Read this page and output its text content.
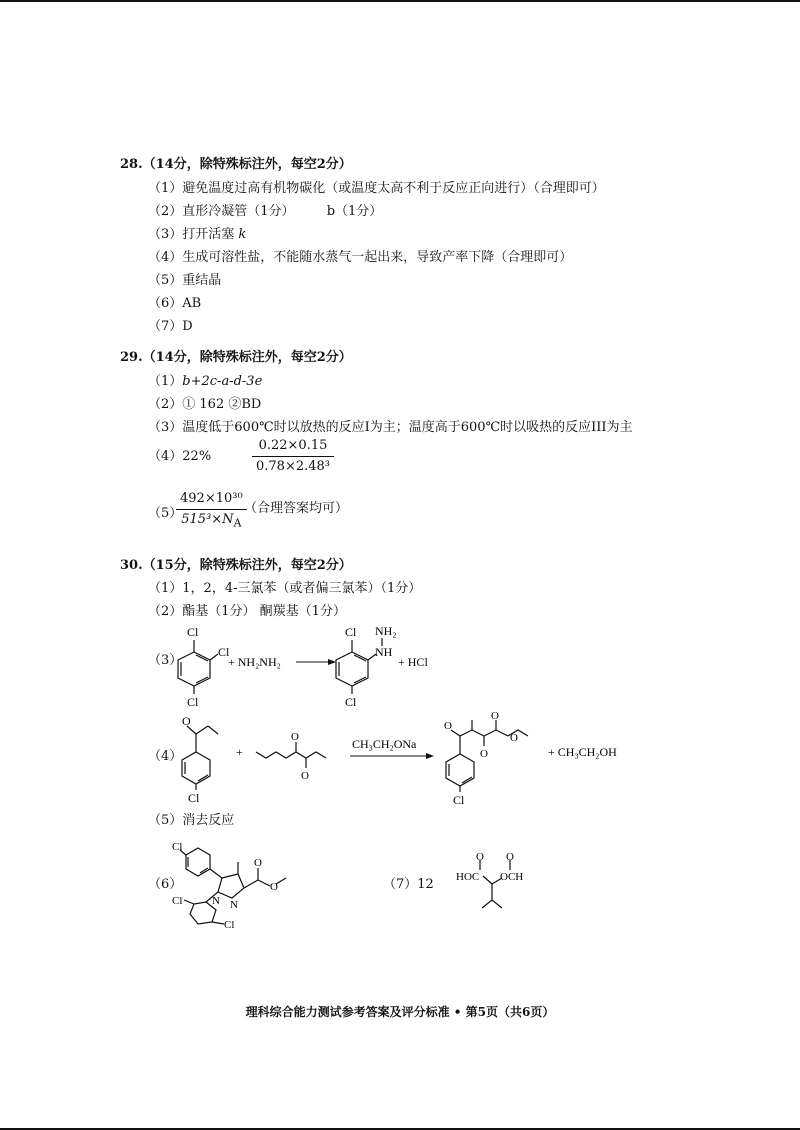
28.（14分，除特殊标注外，每空2分）
（1）避免温度过高有机物碳化（或温度太高不利于反应正向进行）（合理即可）
（2）直形冷凝管（1分） b（1分）
（3）打开活塞 k
（4）生成可溶性盐，不能随水蒸气一起出来，导致产率下降（合理即可）
（5）重结晶
（6）AB
（7）D
29.（14分，除特殊标注外，每空2分）
（1）b+2c-a-d-3e
（2）① 162 ②BD
（3）温度低于600℃时以放热的反应I为主；温度高于600℃时以吸热的反应III为主
（4）22%	$\frac{0.22\times 0.15}{\text{0.78×2.48³}}$
（5）
$\frac{\text{492×10³⁰}}{515^3\times N_A}$
（合理答案均可）
30.（15分，除特殊标注外，每空2分）
（1）1，2，4-三氯苯（或者偏三氯苯）（1分）
（2）酯基（1分） 酮羰基（1分）
（3）
Cl
Cl
Cl
+ NH₂NH₂
Cl NH₂
NH
Cl
+ HCl
（4）
O
Cl
+
O
O
CH₃CH₂ONa
O
O
O
O
Cl
+ CH₃CH₂OH
（5）消去反应
（6）
Cl
O
O
N N
Cl
Cl
（7）12
O O
HOC OCH
理科综合能力测试参考答案及评分标准 • 第5页（共6页）
